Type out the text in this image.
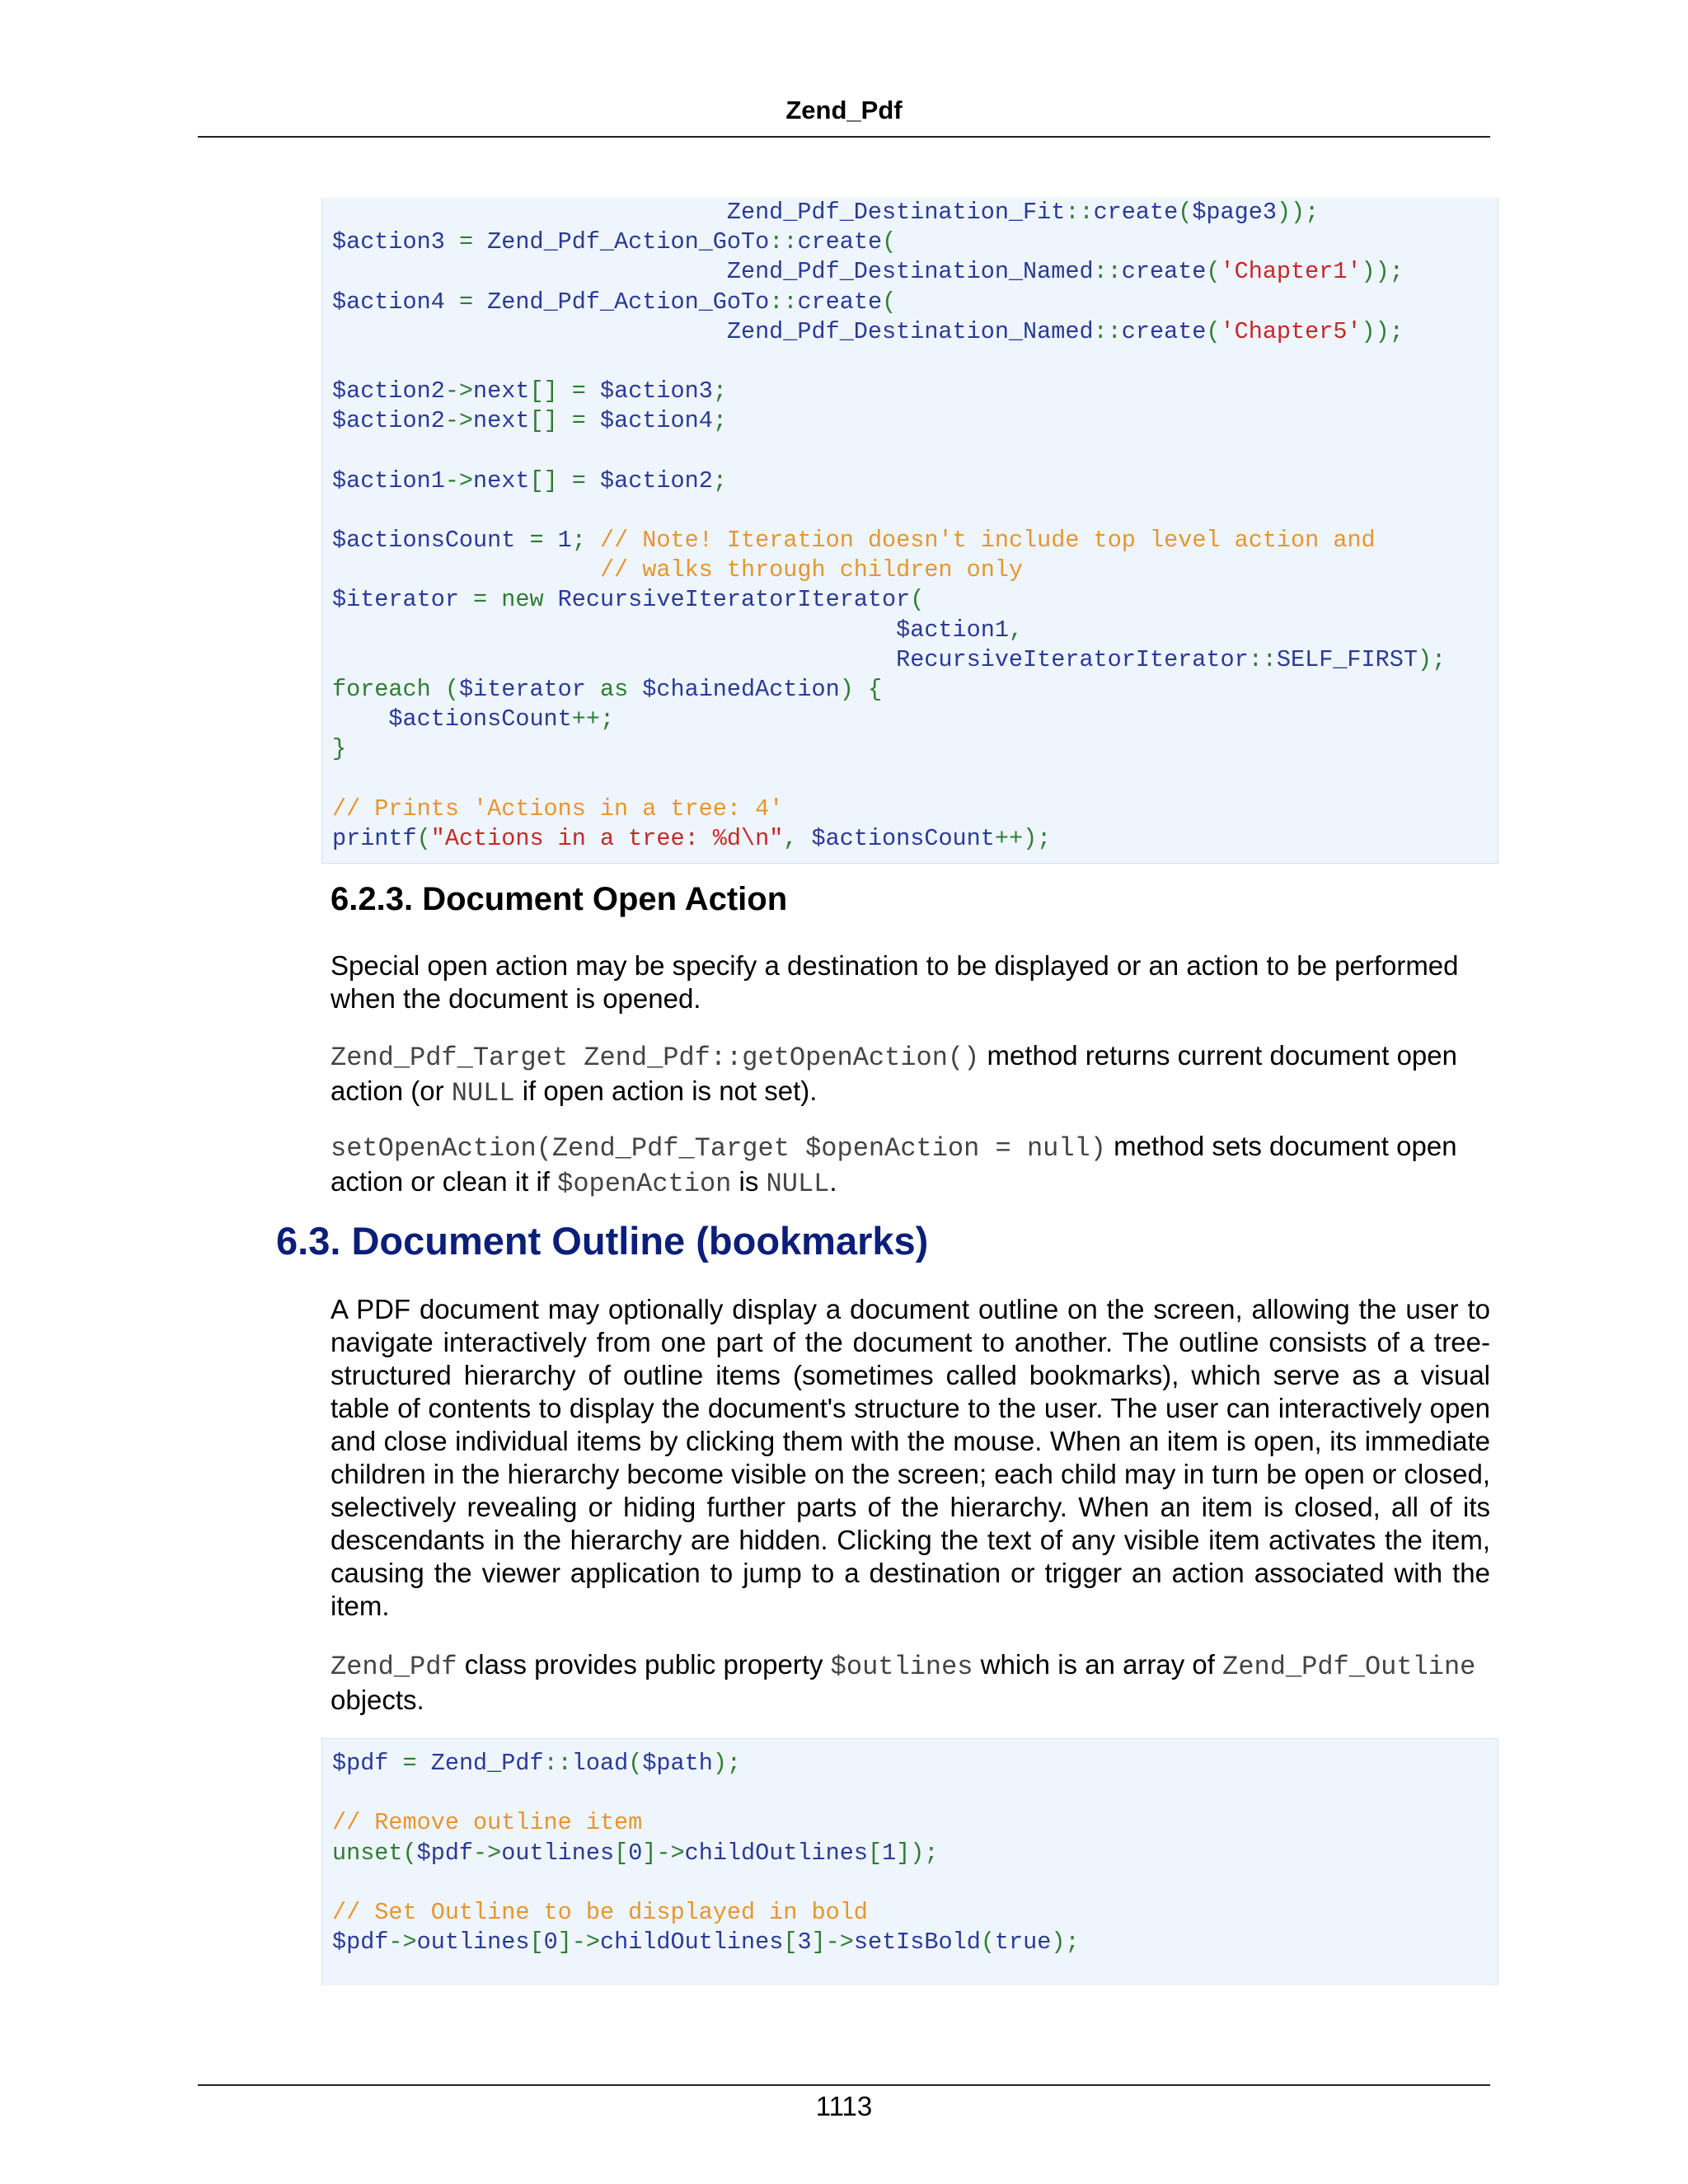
Zend_Pdf
Zend_Pdf_Destination_Fit::create($page3));
$action3 = Zend_Pdf_Action_GoTo::create(
Zend_Pdf_Destination_Named::create('Chapter1'));
$action4 = Zend_Pdf_Action_GoTo::create(
Zend_Pdf_Destination_Named::create('Chapter5'));

$action2->next[] = $action3;
$action2->next[] = $action4;

$action1->next[] = $action2;

$actionsCount = 1; // Note! Iteration doesn't include top level action and
// walks through children only
$iterator = new RecursiveIteratorIterator(
$action1,
RecursiveIteratorIterator::SELF_FIRST);
foreach ($iterator as $chainedAction) {
$actionsCount++;
}

// Prints 'Actions in a tree: 4'
printf("Actions in a tree: %d\n", $actionsCount++);
6.2.3. Document Open Action

Special open action may be specify a destination to be displayed or an action to be performed when the document is opened.

Zend_Pdf_Target Zend_Pdf::getOpenAction() method returns current document open action (or NULL if open action is not set).

setOpenAction(Zend_Pdf_Target $openAction = null) method sets document open action or clean it if $openAction is NULL.

6.3. Document Outline (bookmarks)

A PDF document may optionally display a document outline on the screen, allowing the user to navigate interactively from one part of the document to another. The outline consists of a tree-structured hierarchy of outline items (sometimes called bookmarks), which serve as a visual table of contents to display the document's structure to the user. The user can interactively open and close individual items by clicking them with the mouse. When an item is open, its immediate children in the hierarchy become visible on the screen; each child may in turn be open or closed, selectively revealing or hiding further parts of the hierarchy. When an item is closed, all of its descendants in the hierarchy are hidden. Clicking the text of any visible item activates the item, causing the viewer application to jump to a destination or trigger an action associated with the item.

Zend_Pdf class provides public property $outlines which is an array of Zend_Pdf_Outline objects.

$pdf = Zend_Pdf::load($path);

// Remove outline item
unset($pdf->outlines[0]->childOutlines[1]);

// Set Outline to be displayed in bold
$pdf->outlines[0]->childOutlines[3]->setIsBold(true);
1113
